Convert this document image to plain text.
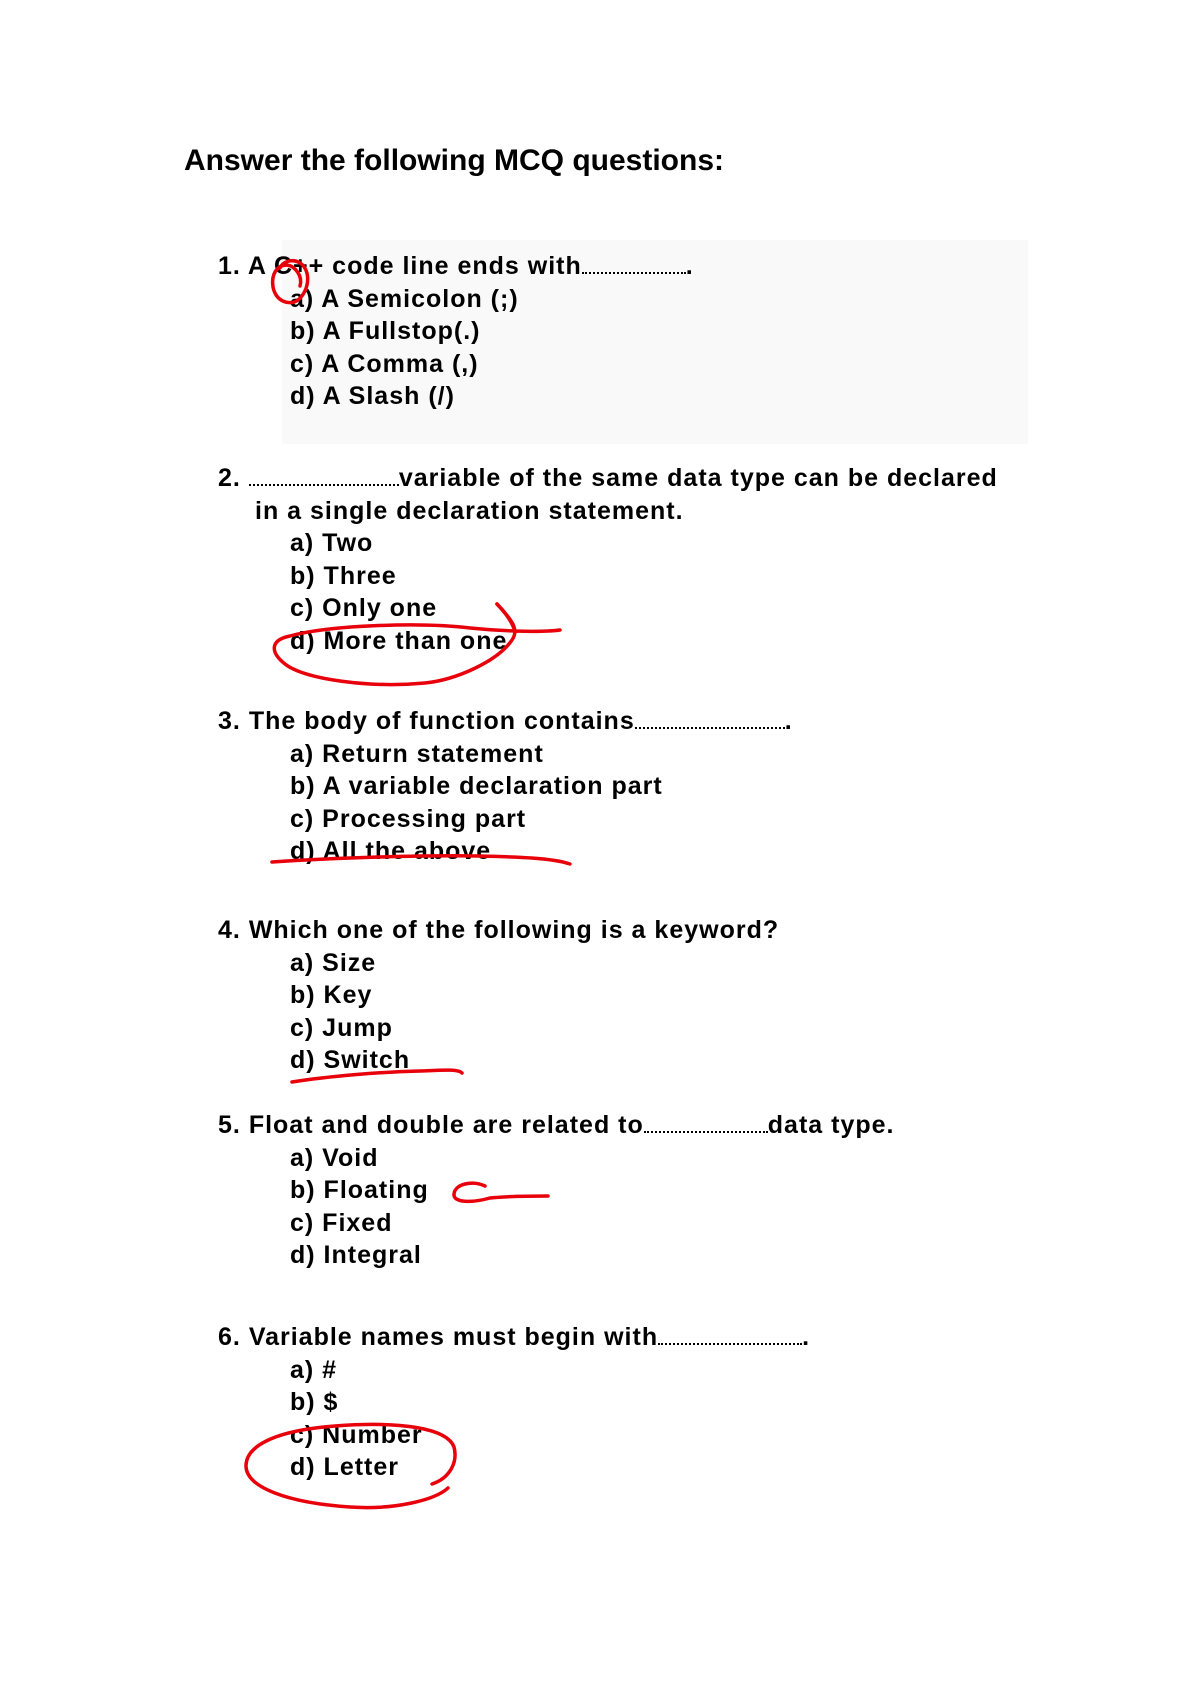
Answer the following MCQ questions:
1. A C++ code line ends with	.
a) A Semicolon (;)
b) A Fullstop(.)
c) A Comma (,)
d) A Slash (/)
2.	variable of the same data type can be declared in a single declaration statement.
a) Two
b) Three
c) Only one
d) More than one
3. The body of function contains	.
a) Return statement
b) A variable declaration part
c) Processing part
d) All the above
4. Which one of the following is a keyword?
a) Size
b) Key
c) Jump
d) Switch
5. Float and double are related to	data type.
a) Void
b) Floating
c) Fixed
d) Integral
6. Variable names must begin with	.
a) #
b) $
c) Number
d) Letter
